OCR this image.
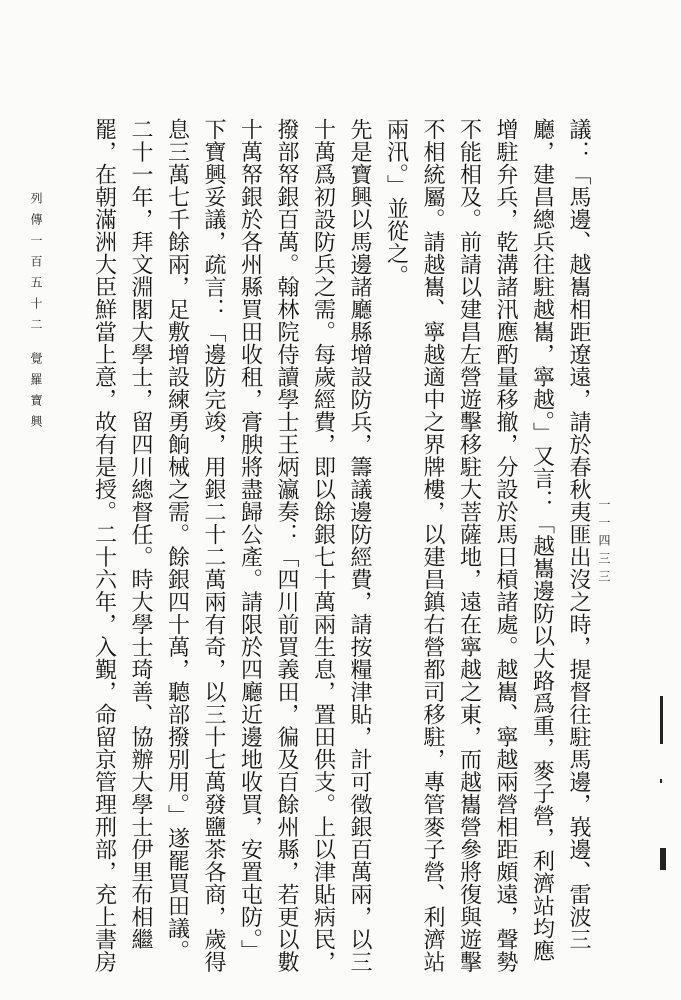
列傳一百五十二
覺羅寶興	議：「馬邊、越巂相距遼遠，請於春秋夷匪出沒之時，提督往駐馬邊，峩邊、雷波三廳，建昌總兵往駐越巂，寧越。」又言：「越巂邊防以大路爲重，麥子營，利濟站均應增駐弁兵，乾溝諸汛應酌量移撤，分設於馬日槓諸處。越巂、寧越兩營相距頗遠，聲勢不能相及。前請以建昌左營遊擊移駐大菩薩地，遠在寧越之東，而越巂營參將復與遊擊不相統屬。請越巂、寧越適中之界牌樓，以建昌鎮右營都司移駐，專管麥子營、利濟站兩汛。」並從之。

先是寶興以馬邊諸廳縣增設防兵，籌議邊防經費，請按糧津貼，計可徵銀百萬兩，以三十萬爲初設防兵之需。每歲經費，即以餘銀七十萬兩生息，置田供支。上以津貼病民，撥部帑銀百萬。翰林院侍讀學士王炳瀛奏：「四川前買義田，徧及百餘州縣，若更以數十萬帑銀於各州縣買田收租，膏腴將盡歸公產。請限於四廳近邊地收買，安置屯防。」下寶興妥議，疏言：「邊防完竣，用銀二十二萬兩有奇，以三十七萬發鹽茶各商，歲得息三萬七千餘兩，足敷增設練勇餉械之需。餘銀四十萬，聽部撥別用。」遂罷買田議。二十一年，拜文淵閣大學士，留四川總督任。時大學士琦善、協辦大學士伊里布相繼罷，在朝滿洲大臣鮮當上意，故有是授。二十六年，入覲，命留京管理刑部，充上書房

一一四三三
